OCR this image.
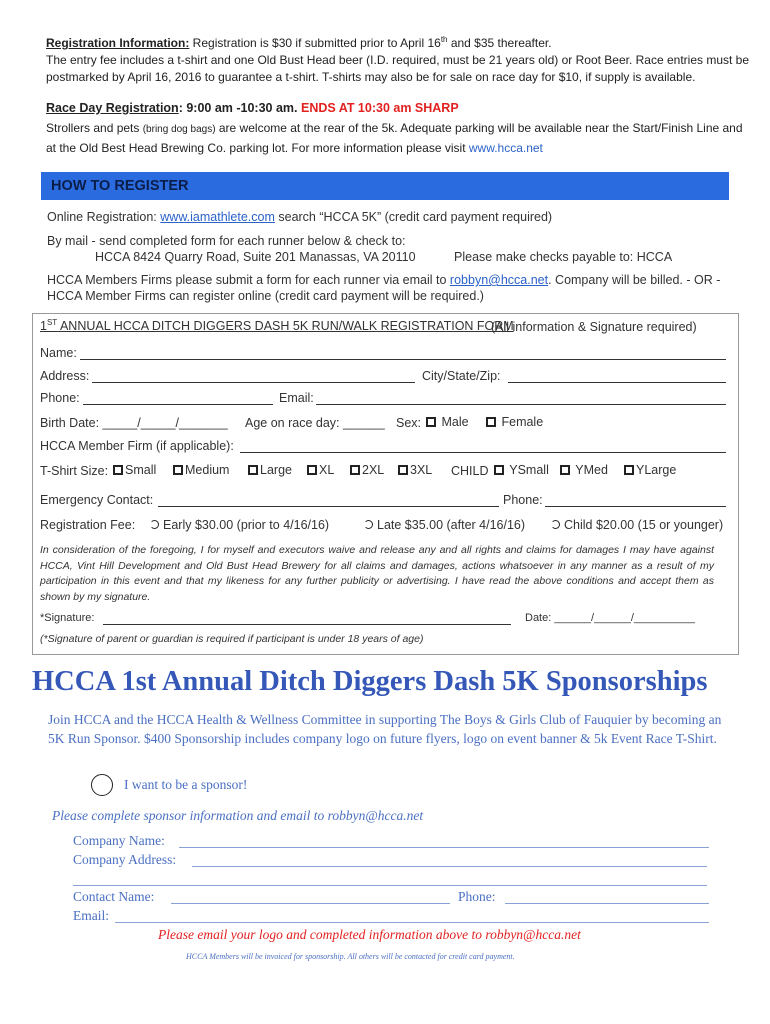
Registration Information: Registration is $30 if submitted prior to April 16th and $35 thereafter.
The entry fee includes a t-shirt and one Old Bust Head beer (I.D. required, must be 21 years old) or Root Beer. Race entries must be
postmarked by April 16, 2016 to guarantee a t-shirt. T-shirts may also be for sale on race day for $10, if supply is available.
Race Day Registration: 9:00 am -10:30 am. ENDS AT 10:30 am SHARP
Strollers and pets (bring dog bags) are welcome at the rear of the 5k. Adequate parking will be available near the Start/Finish Line and
at the Old Best Head Brewing Co. parking lot. For more information please visit www.hcca.net
HOW TO REGISTER
Online Registration: www.iamathlete.com search “HCCA 5K” (credit card payment required)
By mail - send completed form for each runner below & check to:
HCCA 8424 Quarry Road, Suite 201 Manassas, VA 20110	Please make checks payable to: HCCA
HCCA Members Firms please submit a form for each runner via email to robbyn@hcca.net. Company will be billed. - OR -
HCCA Member Firms can register online (credit card payment will be required.)
1ST ANNUAL HCCA DITCH DIGGERS DASH 5K RUN/WALK REGISTRATION FORM
(All information & Signature required)
Name:
Address:	City/State/Zip:
Phone:	Email:
Birth Date: _____/_____/_______ Age on race day: ______ Sex:	Male	Female
HCCA Member Firm (if applicable):
T-Shirt Size:	Small	Medium	Large	XL	2XL	3XL CHILD	YSmall	YMed	YLarge
Emergency Contact:	Phone:
Registration Fee:	Early $30.00 (prior to 4/16/16)	Late $35.00 (after 4/16/16)	Child $20.00 (15 or younger)
In consideration of the foregoing, I for myself and executors waive and release any and all rights and claims for damages I may have against HCCA, Vint Hill Development and Old Bust Head Brewery for all claims and damages, actions whatsoever in any manner as a result of my participation in this event and that my likeness for any further publicity or advertising. I have read the above conditions and accept them as shown by my signature.
*Signature:	Date: ______/______/__________
(*Signature of parent or guardian is required if participant is under 18 years of age)
HCCA 1st Annual Ditch Diggers Dash 5K Sponsorships
Join HCCA and the HCCA Health & Wellness Committee in supporting The Boys & Girls Club of Fauquier by becoming an 5K Run Sponsor. $400 Sponsorship includes company logo on future flyers, logo on event banner & 5k Event Race T-Shirt.
I want to be a sponsor!
Please complete sponsor information and email to robbyn@hcca.net
Company Name:
Company Address:
Contact Name:	Phone:
Email:
Please email your logo and completed information above to robbyn@hcca.net
HCCA Members will be invoiced for sponsorship. All others will be contacted for credit card payment.
